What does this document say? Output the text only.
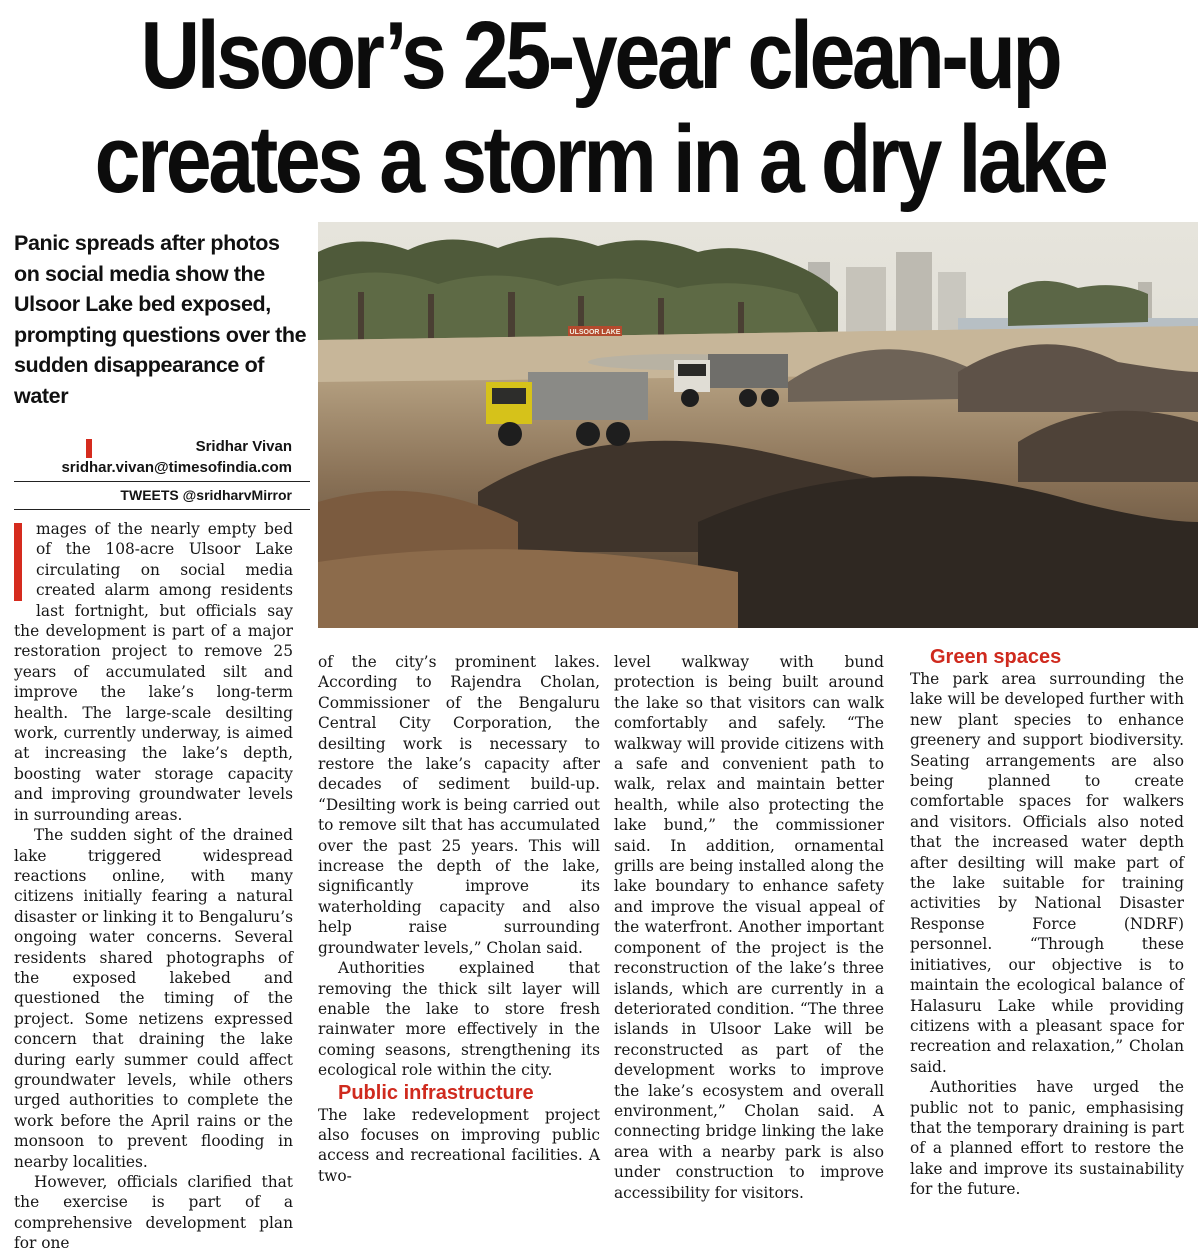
Ulsoor’s 25-year clean-up
creates a storm in a dry lake

Panic spreads after photos on social media show the Ulsoor Lake bed exposed, prompting questions over the sudden disappearance of water

Sridhar Vivan

sridhar.vivan@timesofindia.com

TWEETS @sridharvMirror

ULSOOR LAKE

mages of the nearly empty bed of the 108-acre Ulsoor Lake circulating on social media created alarm among residents last fortnight, but officials say the development is part of a major restoration project to remove 25 years of accumulated silt and improve the lake’s long-term health. The large-scale desilting work, currently underway, is aimed at increasing the lake’s depth, boosting water storage capacity and improving groundwater levels in surrounding areas.

The sudden sight of the drained lake triggered widespread reactions online, with many citizens initially fearing a natural disaster or linking it to Bengaluru’s ongoing water concerns. Several residents shared photographs of the exposed lakebed and questioned the timing of the project. Some netizens expressed concern that draining the lake during early summer could affect groundwater levels, while others urged authorities to complete the work before the April rains or the monsoon to prevent flooding in nearby localities.

However, officials clarified that the exercise is part of a comprehensive development plan for one

of the city’s prominent lakes. According to Rajendra Cholan, Commissioner of the Bengaluru Central City Corporation, the desilting work is necessary to restore the lake’s capacity after decades of sediment build-up. “Desilting work is being carried out to remove silt that has accumulated over the past 25 years. This will increase the depth of the lake, significantly improve its waterholding capacity and also help raise surrounding groundwater levels,” Cholan said.

Authorities explained that removing the thick silt layer will enable the lake to store fresh rainwater more effectively in the coming seasons, strengthening its ecological role within the city.

Public infrastructure

The lake redevelopment project also focuses on improving public access and recreational facilities. A two-

level walkway with bund protection is being built around the lake so that visitors can walk comfortably and safely. “The walkway will provide citizens with a safe and convenient path to walk, relax and maintain better health, while also protecting the lake bund,” the commissioner said. In addition, ornamental grills are being installed along the lake boundary to enhance safety and improve the visual appeal of the waterfront. Another important component of the project is the reconstruction of the lake’s three islands, which are currently in a deteriorated condition. “The three islands in Ulsoor Lake will be reconstructed as part of the development works to improve the lake’s ecosystem and overall environment,” Cholan said. A connecting bridge linking the lake area with a nearby park is also under construction to improve accessibility for visitors.

Green spaces

The park area surrounding the lake will be developed further with new plant species to enhance greenery and support biodiversity. Seating arrangements are also being planned to create comfortable spaces for walkers and visitors. Officials also noted that the increased water depth after desilting will make part of the lake suitable for training activities by National Disaster Response Force (NDRF) personnel. “Through these initiatives, our objective is to maintain the ecological balance of Halasuru Lake while providing citizens with a pleasant space for recreation and relaxation,” Cholan said.

Authorities have urged the public not to panic, emphasising that the temporary draining is part of a planned effort to restore the lake and improve its sustainability for the future.
